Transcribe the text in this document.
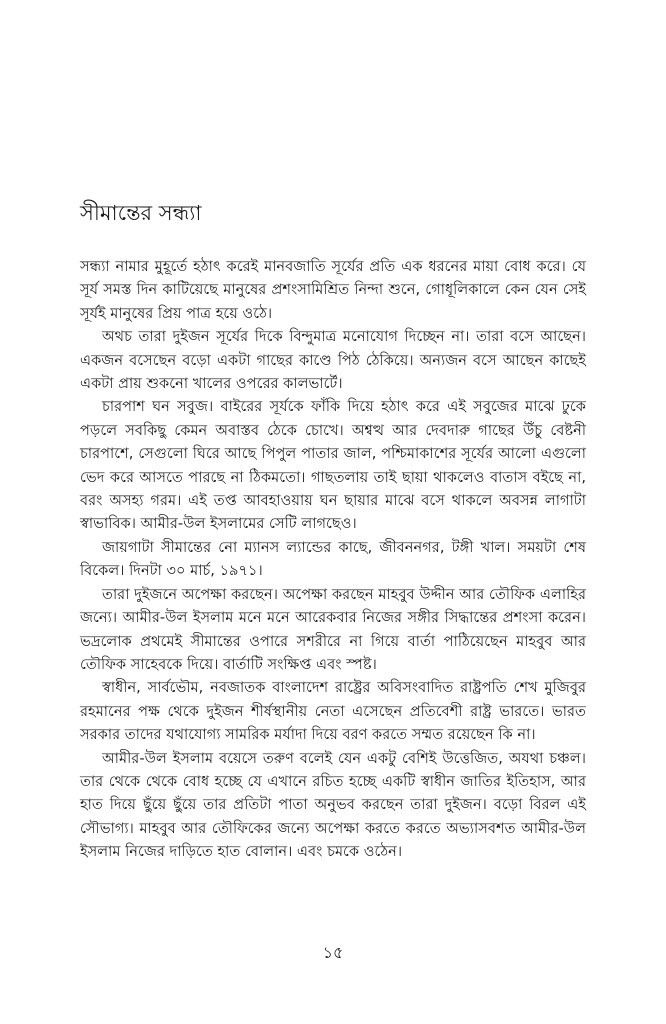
সীমান্তের সন্ধ্যা

সন্ধ্যা নামার মুহূর্তে হঠাৎ করেই মানবজাতি সূর্যের প্রতি এক ধরনের মায়া বোধ করে। যে সূর্য সমস্ত দিন কাটিয়েছে মানুষের প্রশংসামিশ্রিত নিন্দা শুনে, গোধূলিকালে কেন যেন সেই সূর্যই মানুষের প্রিয় পাত্র হয়ে ওঠে।

অথচ তারা দুইজন সূর্যের দিকে বিন্দুমাত্র মনোযোগ দিচ্ছেন না। তারা বসে আছেন। একজন বসেছেন বড়ো একটা গাছের কাণ্ডে পিঠ ঠেকিয়ে। অন্যজন বসে আছেন কাছেই একটা প্রায় শুকনো খালের ওপরের কালভার্টে।

চারপাশ ঘন সবুজ। বাইরের সূর্যকে ফাঁকি দিয়ে হঠাৎ করে এই সবুজের মাঝে ঢুকে পড়লে সবকিছু কেমন অবাস্তব ঠেকে চোখে। অশ্বত্থ আর দেবদারু গাছের উঁচু বেষ্টনী চারপাশে, সেগুলো ঘিরে আছে পিপুল পাতার জাল, পশ্চিমাকাশের সূর্যের আলো এগুলো ভেদ করে আসতে পারছে না ঠিকমতো। গাছতলায় তাই ছায়া থাকলেও বাতাস বইছে না, বরং অসহ্য গরম। এই তপ্ত আবহাওয়ায় ঘন ছায়ার মাঝে বসে থাকলে অবসন্ন লাগাটা স্বাভাবিক। আমীর-উল ইসলামের সেটি লাগছেও।

জায়গাটা সীমান্তের নো ম্যানস ল্যান্ডের কাছে, জীবননগর, টঙ্গী খাল। সময়টা শেষ বিকেল। দিনটা ৩০ মার্চ, ১৯৭১।

তারা দুইজনে অপেক্ষা করছেন। অপেক্ষা করছেন মাহবুব উদ্দীন আর তৌফিক এলাহির জন্যে। আমীর-উল ইসলাম মনে মনে আরেকবার নিজের সঙ্গীর সিদ্ধান্তের প্রশংসা করেন। ভদ্রলোক প্রথমেই সীমান্তের ওপারে সশরীরে না গিয়ে বার্তা পাঠিয়েছেন মাহবুব আর তৌফিক সাহেবকে দিয়ে। বার্তাটি সংক্ষিপ্ত এবং স্পষ্ট।

স্বাধীন, সার্বভৌম, নবজাতক বাংলাদেশ রাষ্ট্রের অবিসংবাদিত রাষ্ট্রপতি শেখ মুজিবুর রহমানের পক্ষ থেকে দুইজন শীর্ষস্থানীয় নেতা এসেছেন প্রতিবেশী রাষ্ট্র ভারতে। ভারত সরকার তাদের যথাযোগ্য সামরিক মর্যাদা দিয়ে বরণ করতে সম্মত রয়েছেন কি না।

আমীর-উল ইসলাম বয়েসে তরুণ বলেই যেন একটু বেশিই উত্তেজিত, অযথা চঞ্চল। তার থেকে থেকে বোধ হচ্ছে যে এখানে রচিত হচ্ছে একটি স্বাধীন জাতির ইতিহাস, আর হাত দিয়ে ছুঁয়ে ছুঁয়ে তার প্রতিটা পাতা অনুভব করছেন তারা দুইজন। বড়ো বিরল এই সৌভাগ্য। মাহবুব আর তৌফিকের জন্যে অপেক্ষা করতে করতে অভ্যাসবশত আমীর-উল ইসলাম নিজের দাড়িতে হাত বোলান। এবং চমকে ওঠেন।

১৫
